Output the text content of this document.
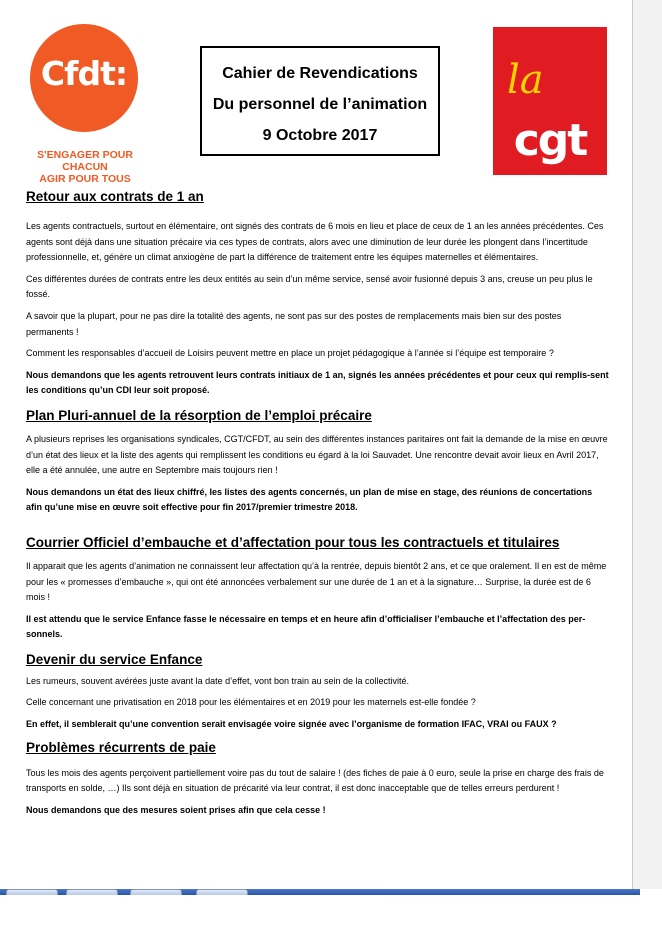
Cfdt:
S'ENGAGER POUR CHACUN
AGIR POUR TOUS
Cahier de Revendications
Du personnel de l’animation
9 Octobre 2017
la
cgt
Retour aux contrats de 1 an

Les agents contractuels, surtout en élémentaire, ont signés des contrats de 6 mois en lieu et place de ceux de 1 an les années précédentes. Ces agents sont déjà dans une situation précaire via ces types de contrats, alors avec une diminution de leur durée les plongent dans l’incertitude professionnelle, et, génère un climat anxiogène de part la différence de traitement entre les équipes maternelles et élémentaires.

Ces différentes durées de contrats entre les deux entités au sein d’un même service, sensé avoir fusionné depuis 3 ans, creuse un peu plus le fossé.

A savoir que la plupart, pour ne pas dire la totalité des agents, ne sont pas sur des postes de remplacements mais bien sur des postes permanents !

Comment les responsables d’accueil de Loisirs peuvent mettre en place un projet pédagogique à l’année si l’équipe est temporaire ?

Nous demandons que les agents retrouvent leurs contrats initiaux de 1 an, signés les années précédentes et pour ceux qui remplis-sent les conditions qu’un CDI leur soit proposé.

Plan Pluri-annuel de la résorption de l’emploi précaire

A plusieurs reprises les organisations syndicales, CGT/CFDT, au sein des différentes instances paritaires ont fait la demande de la mise en œuvre d’un état des lieux et la liste des agents qui remplissent les conditions eu égard à la loi Sauvadet. Une rencontre devait avoir lieux en Avril 2017, elle a été annulée, une autre en Septembre mais toujours rien !

Nous demandons un état des lieux chiffré, les listes des agents concernés, un plan de mise en stage, des réunions de concertations afin qu’une mise en œuvre soit effective pour fin 2017/premier trimestre 2018.

Courrier Officiel d’embauche et d’affectation pour tous les contractuels et titulaires

Il apparait que les agents d’animation ne connaissent leur affectation qu’à la rentrée, depuis bientôt 2 ans, et ce que oralement. Il en est de même pour les « promesses d’embauche », qui ont été annoncées verbalement sur une durée de 1 an et à la signature… Surprise, la durée est de 6 mois !

Il est attendu que le service Enfance fasse le nécessaire en temps et en heure afin d’officialiser l’embauche et l’affectation des per-sonnels.

Devenir du service Enfance

Les rumeurs, souvent avérées juste avant la date d’effet, vont bon train au sein de la collectivité.

Celle concernant une privatisation en 2018 pour les élémentaires et en 2019 pour les maternels est-elle fondée ?

En effet, il semblerait qu’une convention serait envisagée voire signée avec l’organisme de formation IFAC, VRAI ou FAUX ?

Problèmes récurrents de paie

Tous les mois des agents perçoivent partiellement voire pas du tout de salaire ! (des fiches de paie à 0 euro, seule la prise en charge des frais de transports en solde, …) Ils sont déjà en situation de précarité via leur contrat, il est donc inacceptable que de telles erreurs perdurent !

Nous demandons que des mesures soient prises afin que cela cesse !
